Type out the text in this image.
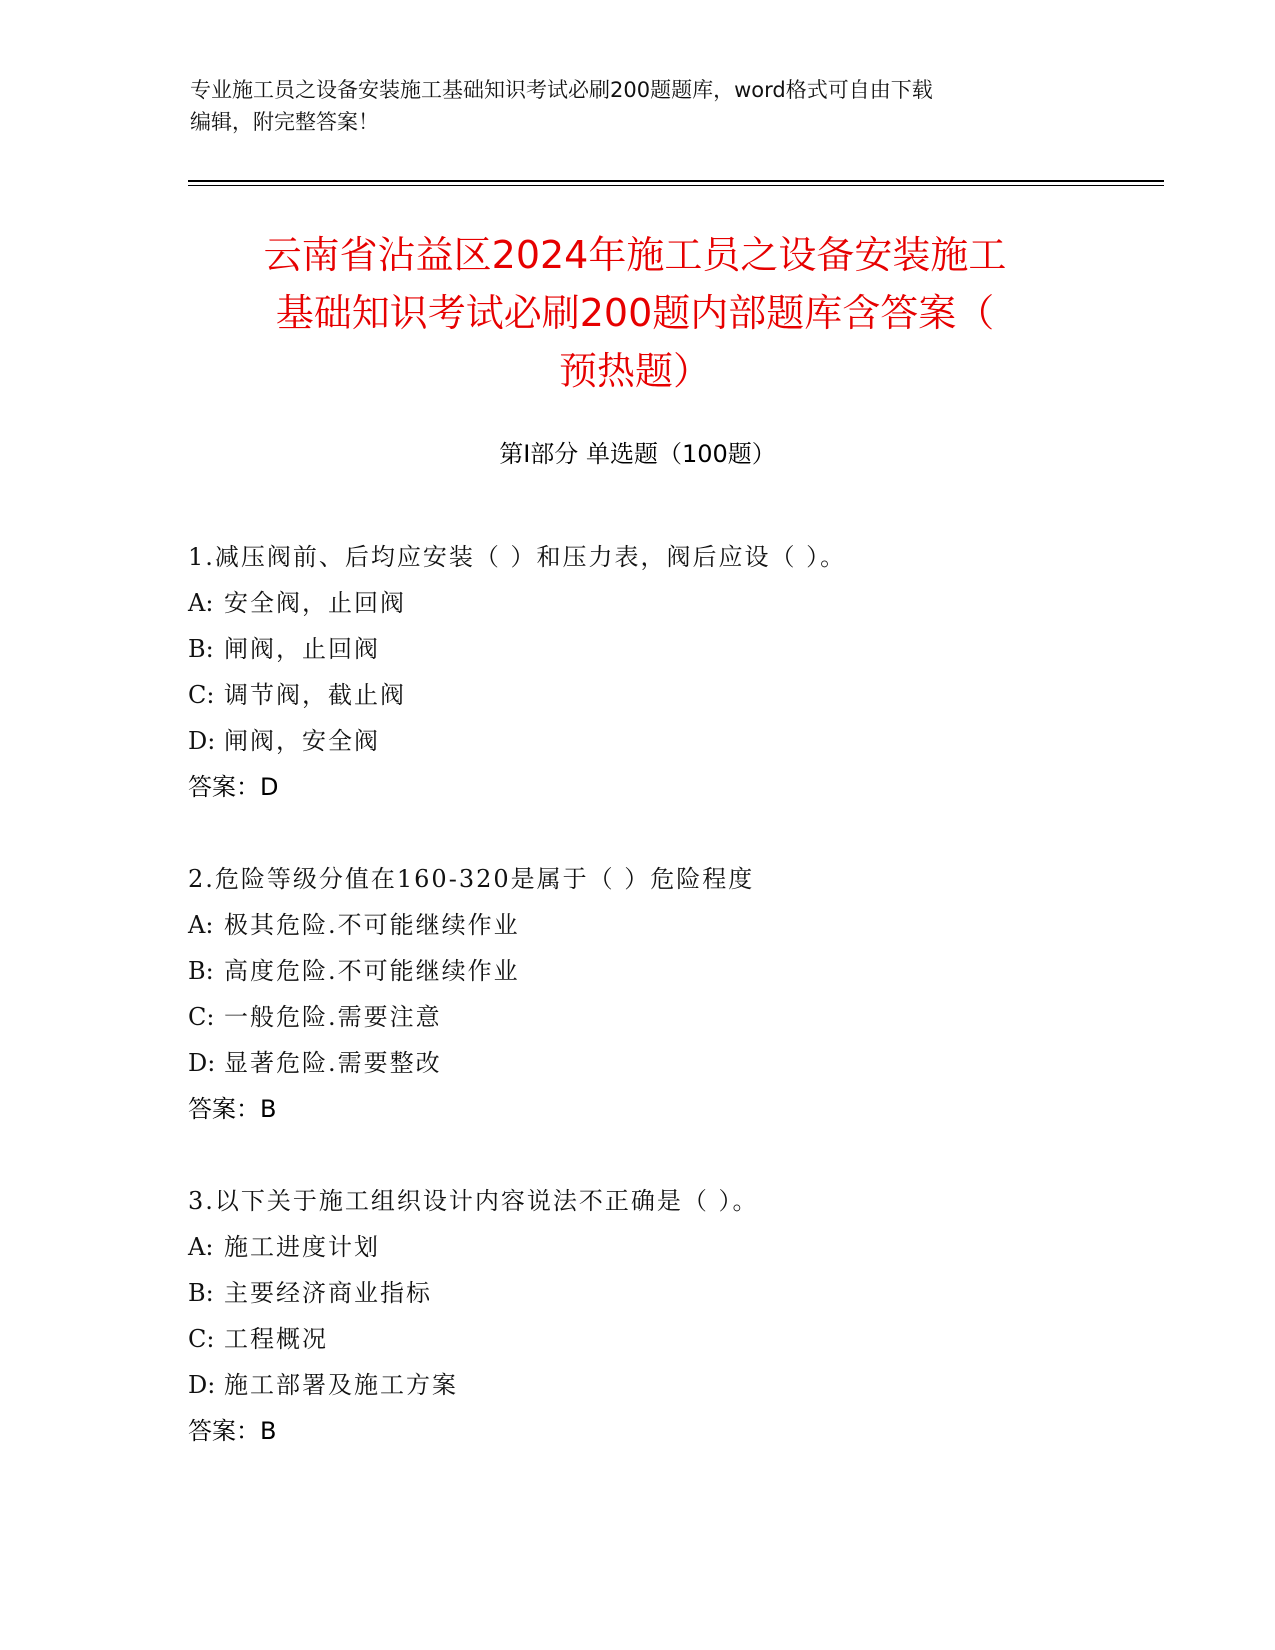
专业施工员之设备安装施工基础知识考试必刷200题题库，word格式可自由下载
编辑，附完整答案！
云南省沾益区2024年施工员之设备安装施工
基础知识考试必刷200题内部题库含答案（
预热题）
第Ⅰ部分 单选题（100题）
1.减压阀前、后均应安装（ ）和压力表，阀后应设（ ）。
A: 安全阀，止回阀
B: 闸阀，止回阀
C: 调节阀，截止阀
D: 闸阀，安全阀
答案：D
2.危险等级分值在160-320是属于（ ）危险程度
A: 极其危险.不可能继续作业
B: 高度危险.不可能继续作业
C: 一般危险.需要注意
D: 显著危险.需要整改
答案：B
3.以下关于施工组织设计内容说法不正确是（ ）。
A: 施工进度计划
B: 主要经济商业指标
C: 工程概况
D: 施工部署及施工方案
答案：B
